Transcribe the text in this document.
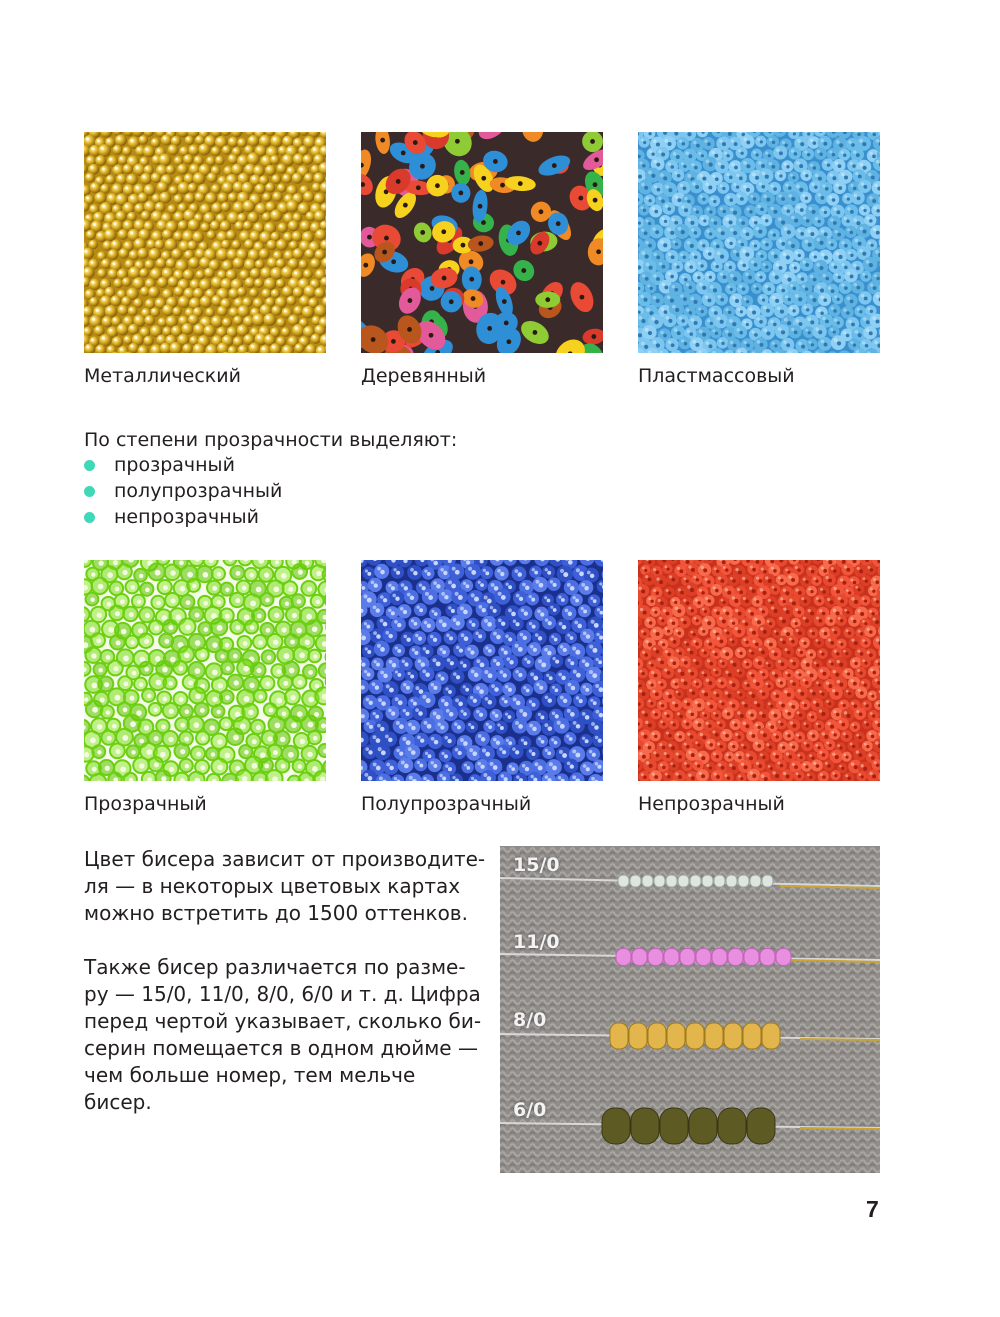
Металлический	Деревянный	Пластмассовый
По степени прозрачности выделяют:
прозрачный
полупрозрачный
непрозрачный
Прозрачный	Полупрозрачный	Непрозрачный
Цвет бисера зависит от производите-
ля — в некоторых цветовых картах
можно встретить до 1500 оттенков.
Также бисер различается по разме-
ру — 15/0, 11/0, 8/0, 6/0 и т. д. Цифра
перед чертой указывает, сколько би-
серин помещается в одном дюйме —
чем больше номер, тем мельче
бисер.
15/0
11/0
8/0
6/0
7
